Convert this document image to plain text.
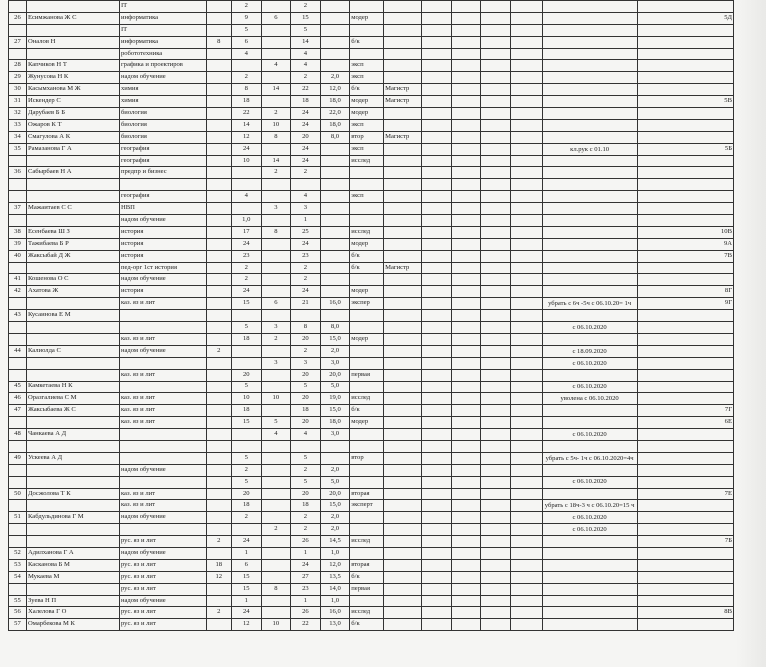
		IT		2		2									
26	Есимжанова Ж С	информатика		9	6	15		модер							5Д
		IT		5		5									
27	Оналов Н	информатика	8	6		14		б/к							
		робототехника		4		4									
28	Капчиков Н Т	графика и проектиров			4	4		эксп							
29	Жунусова Н К	надом обучение		2		2	2,0	эксп							
30	Касымханова М Ж	химия		8	14	22	12,0	б/к	Магистр						
31	Искендер С	химия		18		18	18,0	модер	Магистр						5В
32	Дарубаев Б Б	биология		22	2	24	22,0	модер							
33	Ожаров К Т	биология		14	10	24	18,0	эксп							
34	Смагулова А К	биология		12	8	20	8,0	втор	Магистр						
35	Рамазанова Г А	география		24		24		эксп						кл.рук с 01.10	5Б
		география		10	14	24		исслед							
36	Сабырбаев Н А	предпр и бизнес			2	2									

		география		4		4		эксп							
37	Мажаитаев С С	НВП			3	3									
		надом обучение		1,0		1									
38	Есенбаева Ш З	история		17	8	25		исслед							10В
39	Тажибаева Б Р	история		24		24		модер							9А
40	Жаксыбай Д Ж	история		23		23		б/к							7В
		пед-орг 1ст история		2		2		б/к	Магистр						
41	Кошенова О С	надом обучение		2		2									
42	Ахатова Ж	история		24		24		модер							8Г
		каз. яз и лит		15	6	21	16,0	экспер						убрать с 6ч -5ч с 06.10.20= 1ч	9Г
43	Кусаинова Е М														
				5	3	8	8,0							с 06.10.2020	
		каз. яз и лит		18	2	20	15,0	модер							
44	Калиолда С	надом обучение	2			2	2,0							с 18.09.2020	
					3	3	3,0							с 06.10.2020	
		каз. яз и лит		20		20	20,0	первая							
45	Камкетаева Н К			5		5	5,0							с 06.10.2020	
46	Оразгалиева С М	каз. яз и лит		10	10	20	19,0	исслед						уволена с 06.10.2020	
47	Жаксыбаева Ж С	каз. яз и лит		18		18	15,0	б/к							7Г
		каз. яз и лит		15	5	20	18,0	модер							6Е
48	Чанкаева А Д				4	4	3,0							с 06.10.2020	

49	Ускеева А Д			5		5		втор						убрать с 5ч- 1ч с 06.10.2020=4ч	
		надом обучение		2		2	2,0								
				5		5	5,0							с 06.10.2020	
50	Досжолова Т К	каз. яз и лит		20		20	20,0	вторая							7Е
		каз. яз и лит		18		18	15,0	эксперт						убрать с 18ч-3 ч с 06.10.20=15 ч	
51	Кабдульдинова Г М	надом обучение		2		2	2,0							с 06.10.2020	
					2	2	2,0							с 06.10.2020	
		рус. яз и лит	2	24		26	14,5	исслед							7Б
52	Адилханова Г А	надом обучение		1		1	1,0								
53	Касканова Б М	рус. яз и лит	18	6		24	12,0	вторая							
54	Мукаева М	рус. яз и лит	12	15		27	13,5	б/к							
		рус. яз и лит		15	8	23	14,0	первая							
55	Зуева Н П	надом обучение		1		1	1,0								
56	Халелова Г О	рус. яз и лит	2	24		26	16,0	исслед							8В
57	Омарбекова М К	рус. яз и лит		12	10	22	13,0	б/к							
